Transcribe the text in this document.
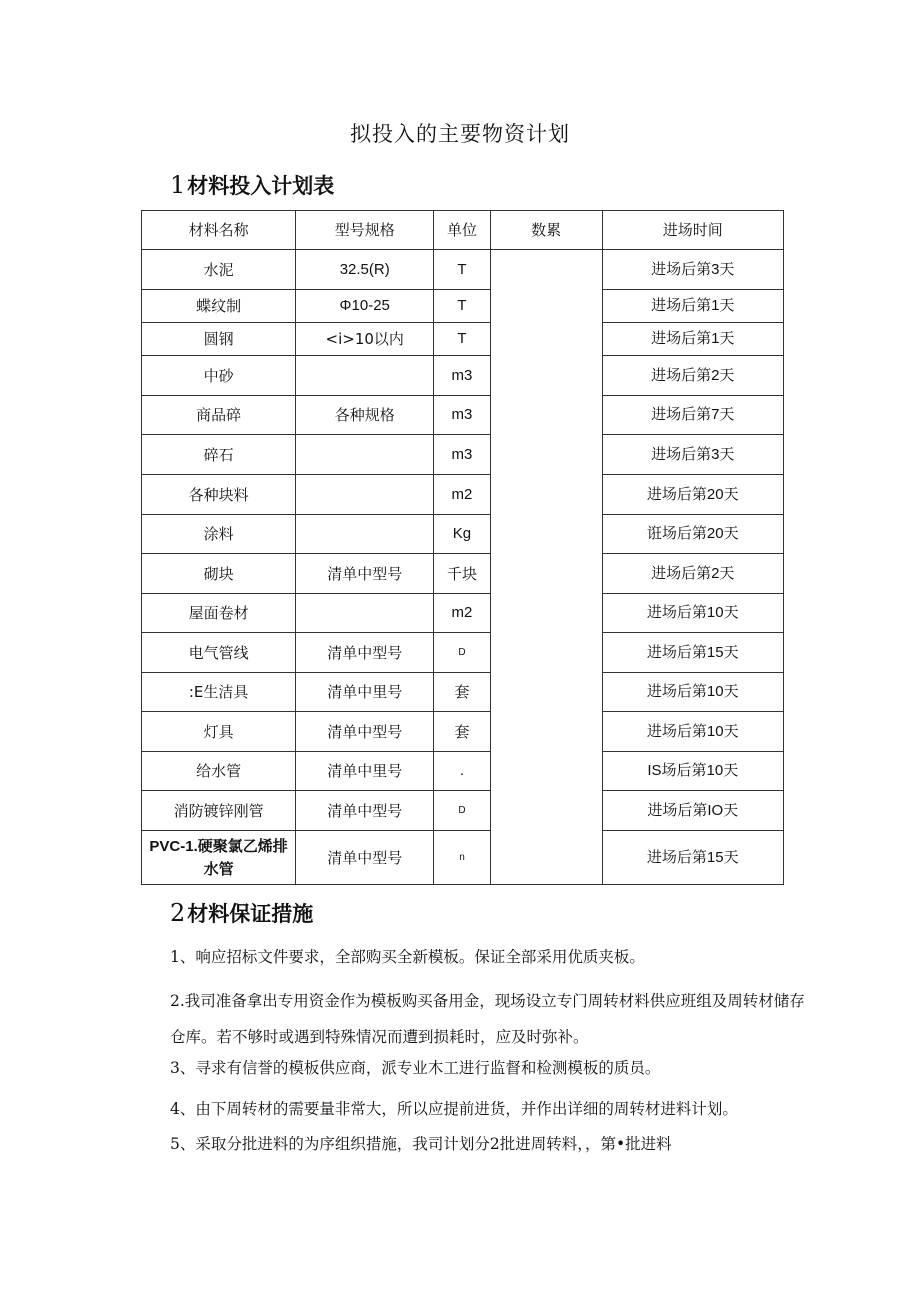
拟投入的主要物资计划
1材料投入计划表
材料名称	型号规格	单位	数累	进场时间
水泥	32.5(R)	T		进场后第3天
蝶纹制	Φ10-25	T		进场后第1天
圆钢	<i>10以内	T		进场后第1天
中砂		m3		进场后第2天
商品碎	各种规格	m3		进场后第7天
碎石		m3		进场后第3天
各种块料		m2		进场后第20天
涂料		Kg		诳场后第20天
砌块	清单中型号	千块		进场后第2天
屋面卷材		m2		进场后第10天
电气管线	清单中型号	D		进场后第15天
:E生洁具	清单中里号	套		进场后第10天
灯具	清单中型号	套		进场后第10天
给水管	清单中里号	.		IS场后第10天
消防镀锌刚管	清单中型号	D		进场后第IO天
PVC-1.硬聚氯乙烯排水管	清单中型号	n		进场后第15天
2材料保证措施

1、响应招标文件要求，全部购买全新模板。保证全部采用优质夹板。

2.我司准备拿出专用资金作为模板购买备用金，现场设立专门周转材料供应班组及周转材储存仓库。若不够时或遇到特殊情况而遭到损耗时，应及时弥补。

3、寻求有信誉的模板供应商，派专业木工进行监督和检测模板的质员。

4、由下周转材的需要量非常大，所以应提前进货，并作出详细的周转材进料计划。

5、采取分批进料的为序组织措施，我司计划分2批进周转料，，第•批进料
